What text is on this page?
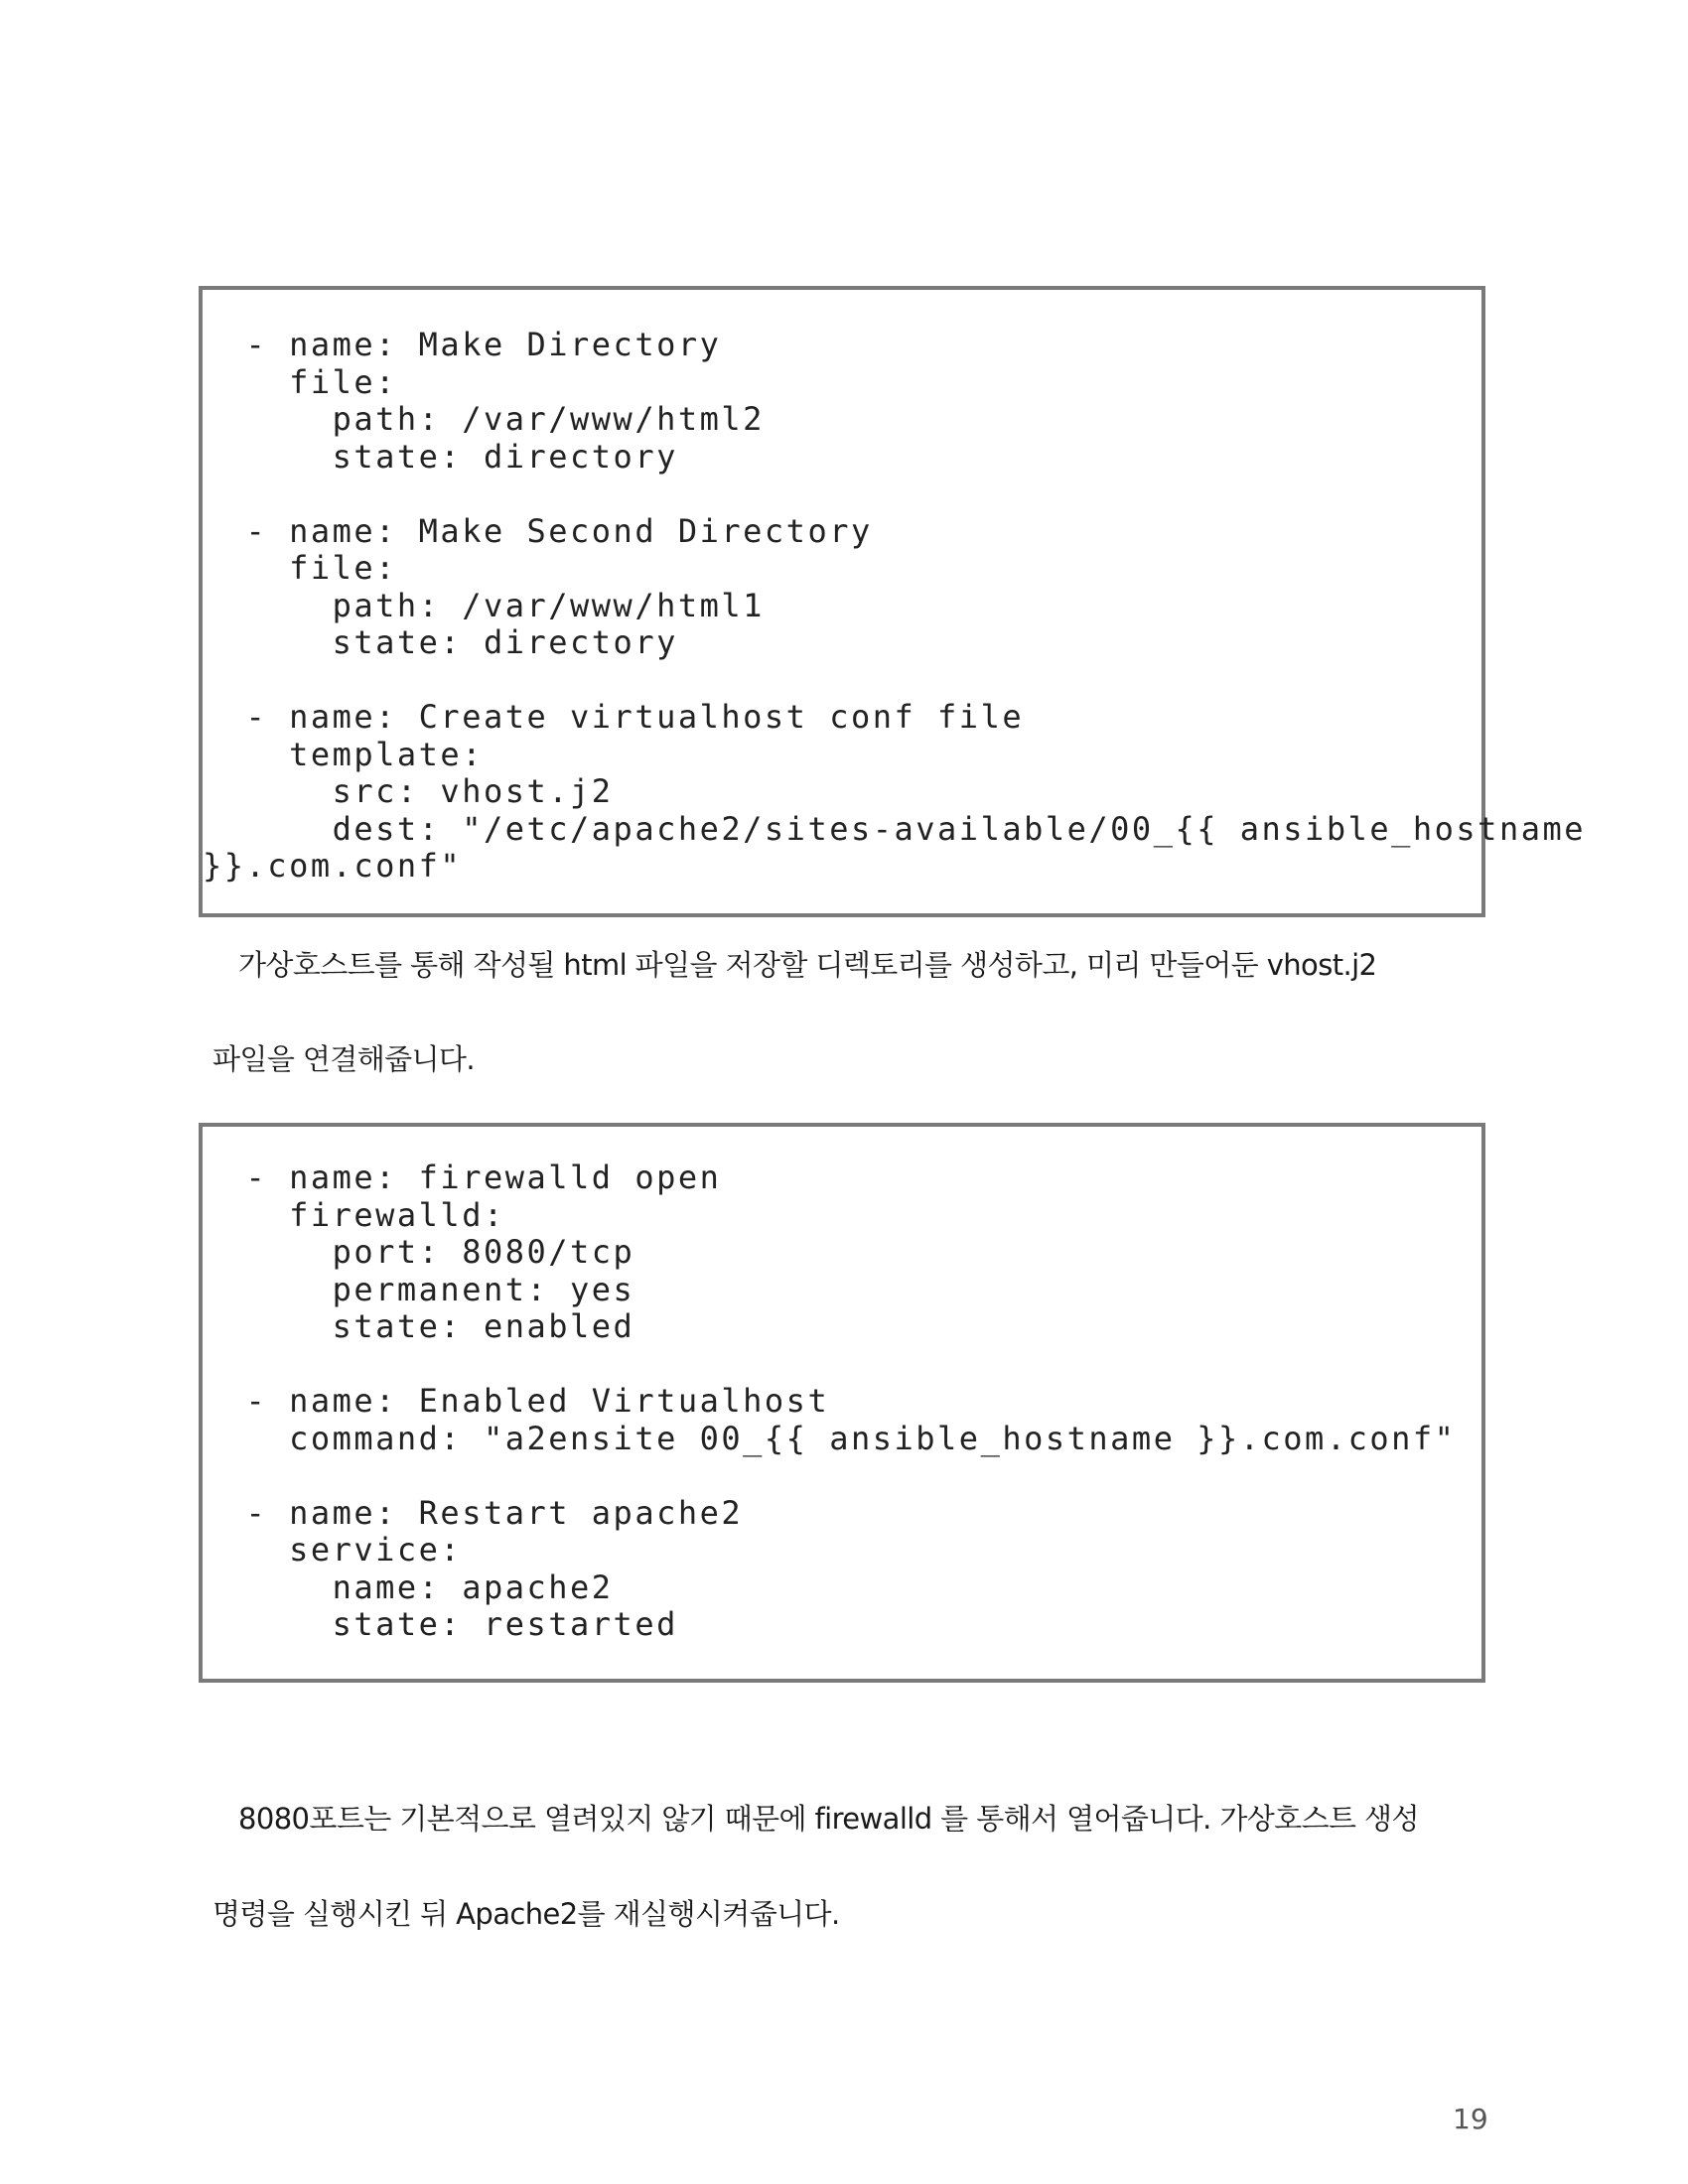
- name: Make Directory
file:
path: /var/www/html2
state: directory

- name: Make Second Directory
file:
path: /var/www/html1
state: directory

- name: Create virtualhost conf file
template:
src: vhost.j2
dest: "/etc/apache2/sites-available/00_{{ ansible_hostname
}}.com.conf"

가상호스트를 통해 작성될 html 파일을 저장할 디렉토리를 생성하고, 미리 만들어둔 vhost.j2

파일을 연결해줍니다.

- name: firewalld open
firewalld:
port: 8080/tcp
permanent: yes
state: enabled

- name: Enabled Virtualhost
command: "a2ensite 00_{{ ansible_hostname }}.com.conf"

- name: Restart apache2
service:
name: apache2
state: restarted

8080포트는 기본적으로 열려있지 않기 때문에 firewalld 를 통해서 열어줍니다. 가상호스트 생성

명령을 실행시킨 뒤 Apache2를 재실행시켜줍니다.

19
